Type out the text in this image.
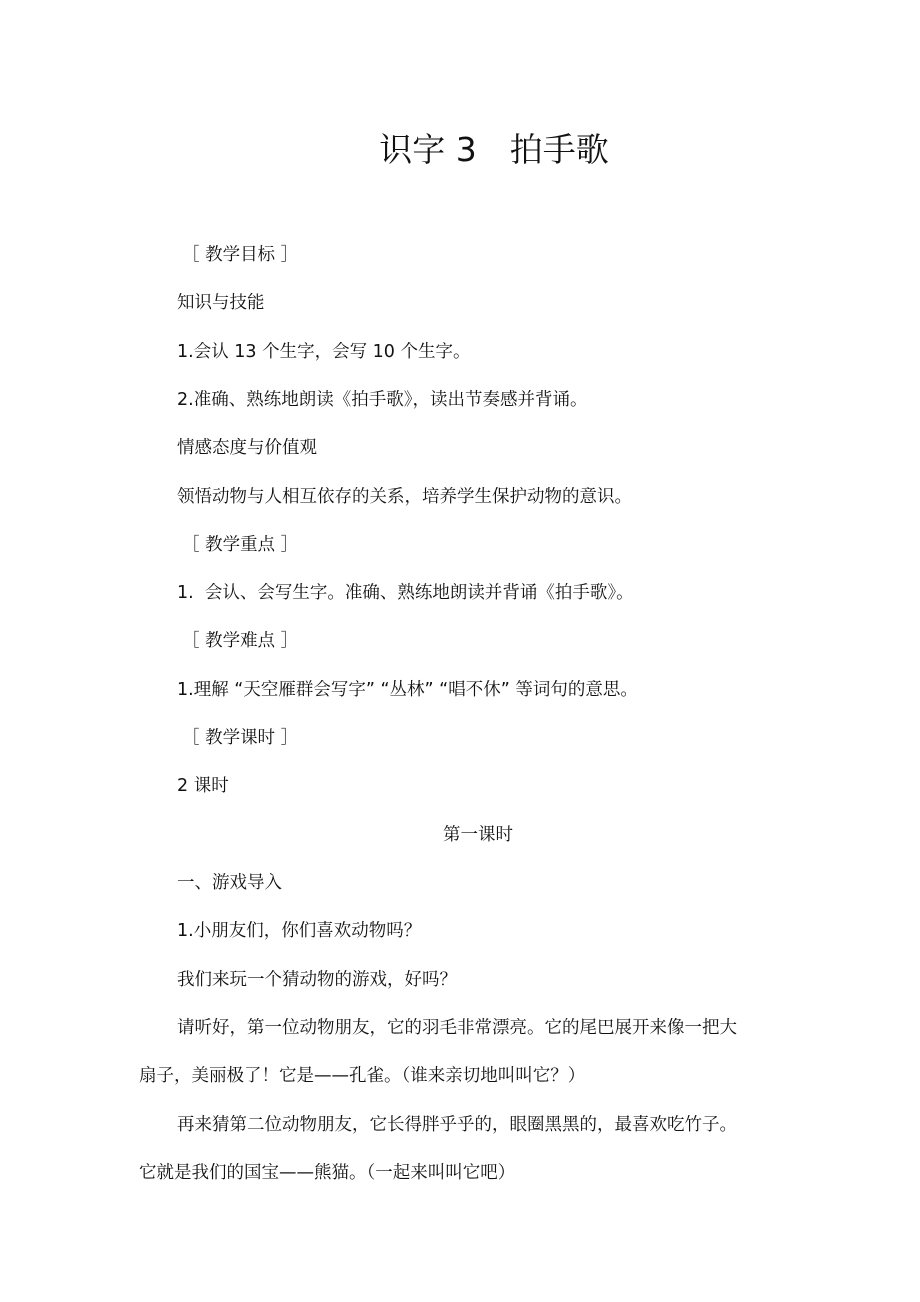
识字 3　拍手歌

［ 教学目标 ］

知识与技能

1.会认 13 个生字，会写 10 个生字。

2.准确、熟练地朗读《拍手歌》，读出节奏感并背诵。

情感态度与价值观

领悟动物与人相互依存的关系，培养学生保护动物的意识。

［ 教学重点 ］

1.  会认、会写生字。准确、熟练地朗读并背诵《拍手歌》。

［ 教学难点 ］

1.理解 “天空雁群会写字” “丛林” “唱不休” 等词句的意思。

［ 教学课时 ］

2 课时

第一课时

一、游戏导入

1.小朋友们，你们喜欢动物吗？

我们来玩一个猜动物的游戏，好吗？

请听好，第一位动物朋友，它的羽毛非常漂亮。它的尾巴展开来像一把大

扇子，美丽极了！它是——孔雀。（谁来亲切地叫叫它？）

再来猜第二位动物朋友，它长得胖乎乎的，眼圈黑黑的，最喜欢吃竹子。

它就是我们的国宝——熊猫。（一起来叫叫它吧）
